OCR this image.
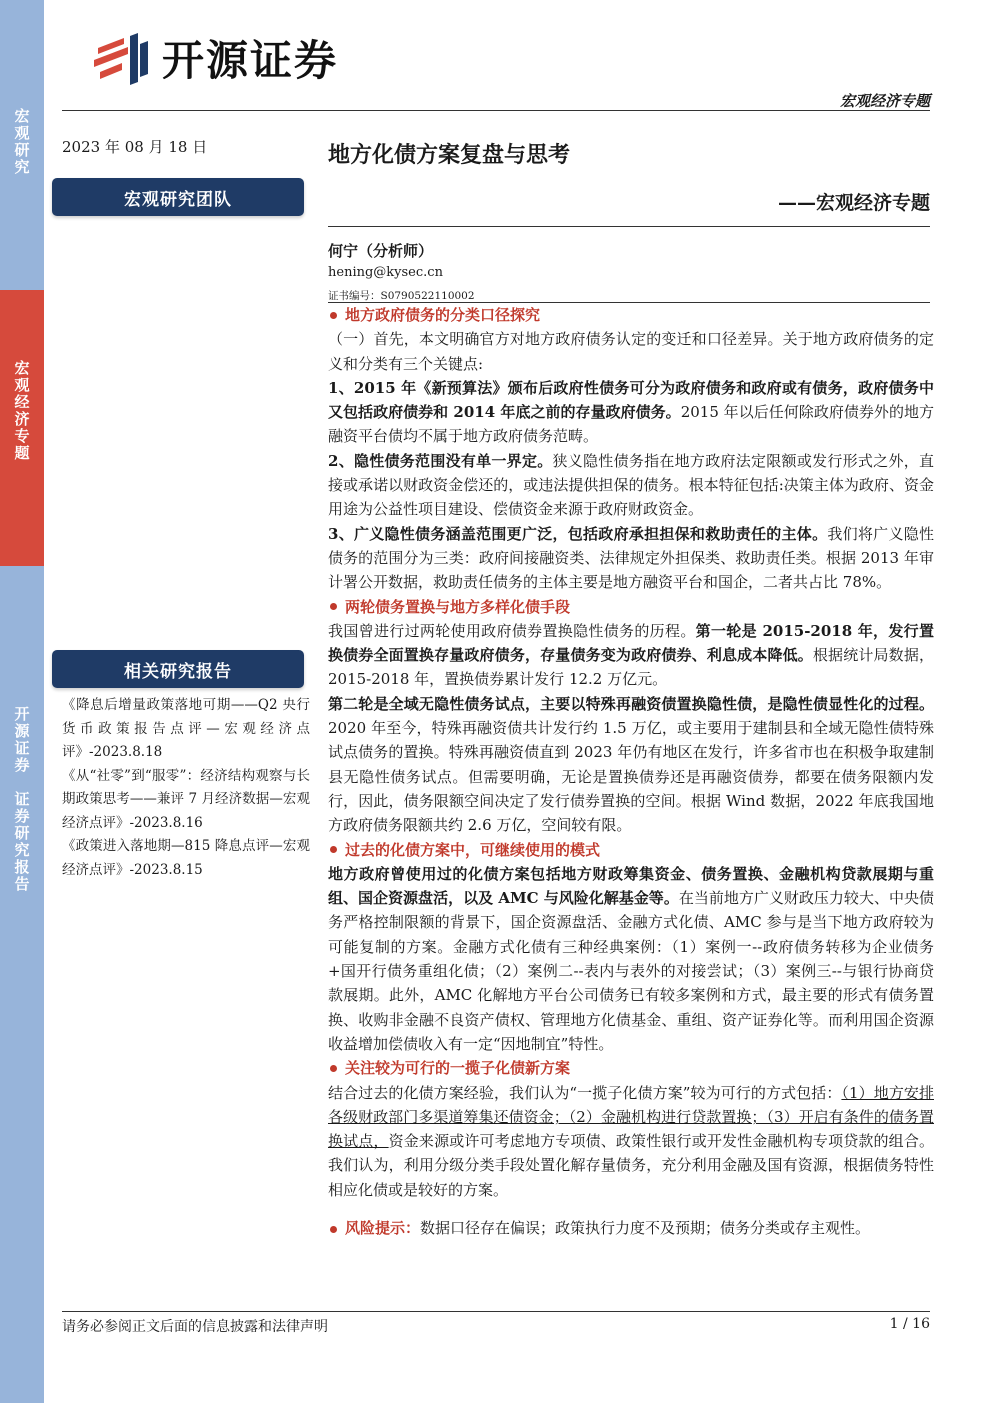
宏观研究
宏观经济专题
开源证券　证券研究报告
开源证券
宏观经济专题
2023 年 08 月 18 日
宏观研究团队
相关研究报告

《降息后增量政策落地可期——Q2 央行货币政策报告点评—宏观经济点评》-2023.8.18

《从“社零”到“服零”：经济结构观察与长期政策思考——兼评 7 月经济数据—宏观经济点评》-2023.8.16

《政策进入落地期—815 降息点评—宏观经济点评》-2023.8.15

地方化债方案复盘与思考
——宏观经济专题
何宁（分析师）
hening@kysec.cn
证书编号：S0790522110002

地方政府债务的分类口径探究

（一）首先，本文明确官方对地方政府债务认定的变迁和口径差异。关于地方政府债务的定义和分类有三个关键点:

1、2015 年《新预算法》颁布后政府性债务可分为政府债务和政府或有债务，政府债务中又包括政府债券和 2014 年底之前的存量政府债务。2015 年以后任何除政府债券外的地方融资平台债均不属于地方政府债务范畴。

2、隐性债务范围没有单一界定。狭义隐性债务指在地方政府法定限额或发行形式之外，直接或承诺以财政资金偿还的，或违法提供担保的债务。根本特征包括:决策主体为政府、资金用途为公益性项目建设、偿债资金来源于政府财政资金。

3、广义隐性债务涵盖范围更广泛，包括政府承担担保和救助责任的主体。我们将广义隐性债务的范围分为三类：政府间接融资类、法律规定外担保类、救助责任类。根据 2013 年审计署公开数据，救助责任债务的主体主要是地方融资平台和国企，二者共占比 78%。

两轮债务置换与地方多样化债手段

我国曾进行过两轮使用政府债券置换隐性债务的历程。第一轮是 2015-2018 年，发行置换债券全面置换存量政府债务，存量债务变为政府债券、利息成本降低。根据统计局数据，2015-2018 年，置换债券累计发行 12.2 万亿元。

第二轮是全域无隐性债务试点，主要以特殊再融资债置换隐性债，是隐性债显性化的过程。2020 年至今，特殊再融资债共计发行约 1.5 万亿，或主要用于建制县和全域无隐性债特殊试点债务的置换。特殊再融资债直到 2023 年仍有地区在发行，许多省市也在积极争取建制县无隐性债务试点。但需要明确，无论是置换债券还是再融资债券，都要在债务限额内发行，因此，债务限额空间决定了发行债券置换的空间。根据 Wind 数据，2022 年底我国地方政府债务限额共约 2.6 万亿，空间较有限。

过去的化债方案中，可继续使用的模式

地方政府曾使用过的化债方案包括地方财政筹集资金、债务置换、金融机构贷款展期与重组、国企资源盘活，以及 AMC 与风险化解基金等。在当前地方广义财政压力较大、中央债务严格控制限额的背景下，国企资源盘活、金融方式化债、AMC 参与是当下地方政府较为可能复制的方案。金融方式化债有三种经典案例：（1）案例一--政府债务转移为企业债务+国开行债务重组化债；（2）案例二--表内与表外的对接尝试；（3）案例三--与银行协商贷款展期。此外，AMC 化解地方平台公司债务已有较多案例和方式，最主要的形式有债务置换、收购非金融不良资产债权、管理地方化债基金、重组、资产证券化等。而利用国企资源收益增加偿债收入有一定“因地制宜”特性。

关注较为可行的一揽子化债新方案

结合过去的化债方案经验，我们认为“一揽子化债方案”较为可行的方式包括：（1）地方安排各级财政部门多渠道筹集还债资金；（2）金融机构进行贷款置换；（3）开启有条件的债务置换试点，资金来源或许可考虑地方专项债、政策性银行或开发性金融机构专项贷款的组合。我们认为，利用分级分类手段处置化解存量债务，充分利用金融及国有资源，根据债务特性相应化债或是较好的方案。

风险提示：数据口径存在偏误；政策执行力度不及预期；债务分类或存主观性。

请务必参阅正文后面的信息披露和法律声明	1 / 16
